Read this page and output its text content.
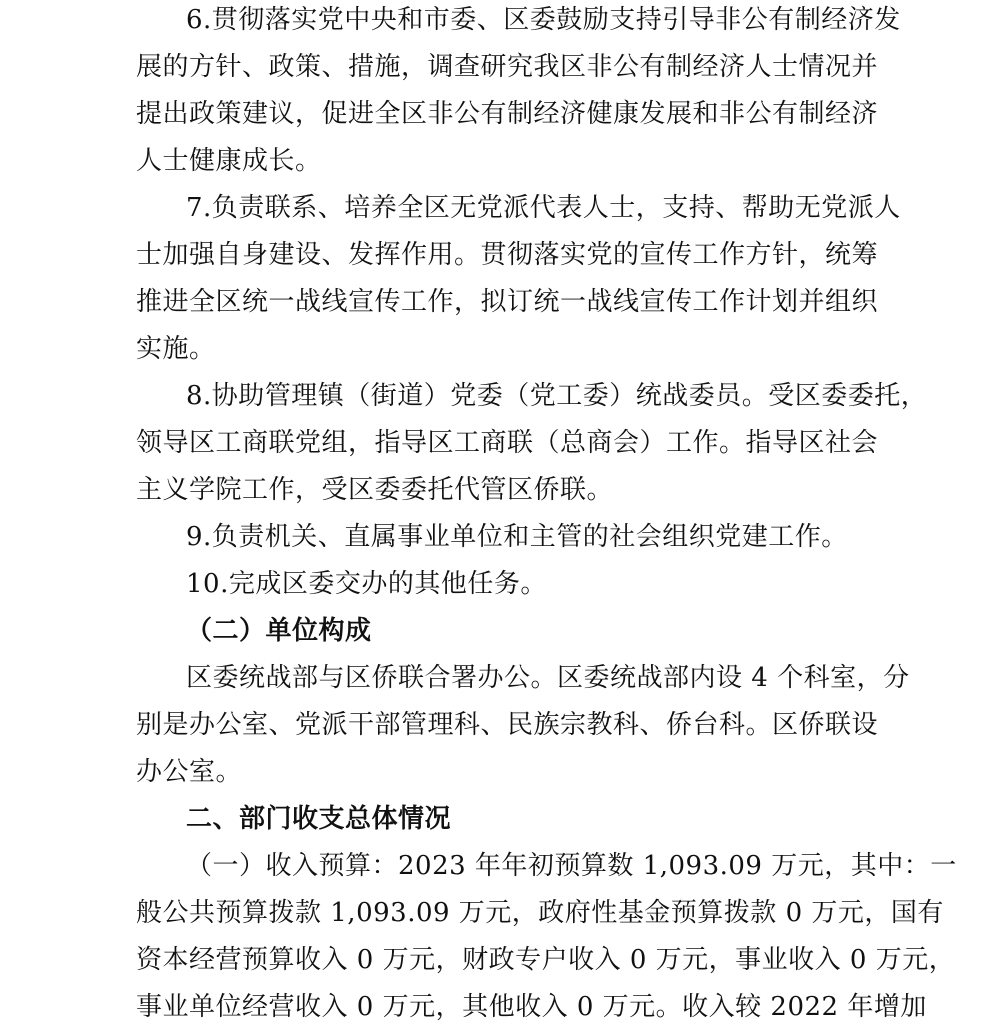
6.贯彻落实党中央和市委、区委鼓励支持引导非公有制经济发
展的方针、政策、措施，调查研究我区非公有制经济人士情况并
提出政策建议，促进全区非公有制经济健康发展和非公有制经济
人士健康成长。
7.负责联系、培养全区无党派代表人士，支持、帮助无党派人
士加强自身建设、发挥作用。贯彻落实党的宣传工作方针，统筹
推进全区统一战线宣传工作，拟订统一战线宣传工作计划并组织
实施。
8.协助管理镇（街道）党委（党工委）统战委员。受区委委托，
领导区工商联党组，指导区工商联（总商会）工作。指导区社会
主义学院工作，受区委委托代管区侨联。
9.负责机关、直属事业单位和主管的社会组织党建工作。
10.完成区委交办的其他任务。
（二）单位构成
区委统战部与区侨联合署办公。区委统战部内设 4 个科室，分
别是办公室、党派干部管理科、民族宗教科、侨台科。区侨联设
办公室。
二、部门收支总体情况
（一）收入预算：2023 年年初预算数 1,093.09 万元，其中：一
般公共预算拨款 1,093.09 万元，政府性基金预算拨款 0 万元，国有
资本经营预算收入 0 万元，财政专户收入 0 万元，事业收入 0 万元，
事业单位经营收入 0 万元，其他收入 0 万元。收入较 2022 年增加
